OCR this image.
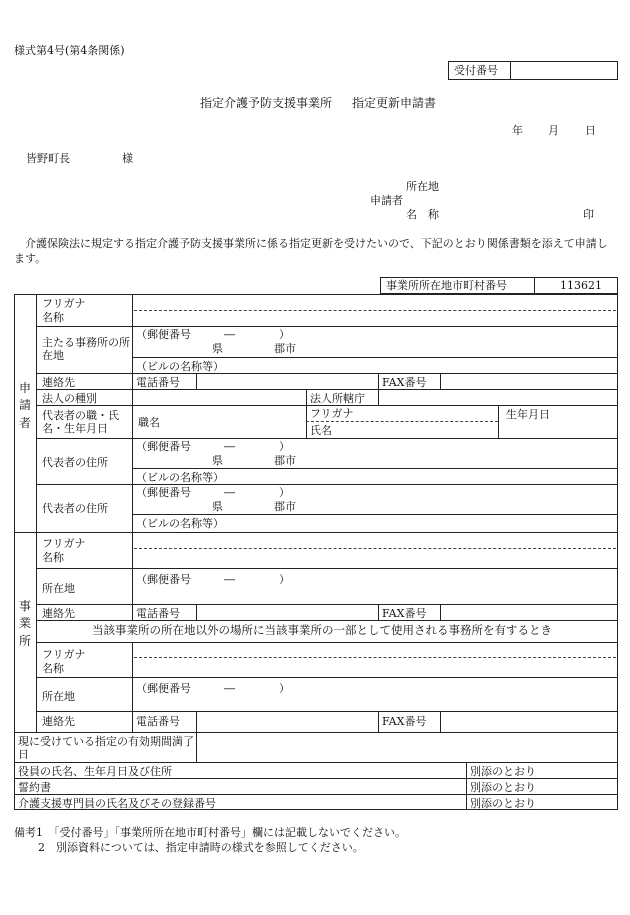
様式第4号(第4条関係)
受付番号
指定介護予防支援事業所 指定更新申請書
年 月 日
皆野町長	様
所在地
申請者
名　称	印
介護保険法に規定する指定介護予防支援事業所に係る指定更新を受けたいので、下記のとおり関係書類を添えて申請します。
事業所所在地市町村番号	113621
申請者
フリガナ
名称
主たる事務所の所在地
（郵便番号　　　―　　　　）
県	郡市
（ビルの名称等）
連絡先	電話番号	FAX番号
法人の種別	法人所轄庁
代表者の職・氏名・生年月日	職名
フリガナ
氏名
生年月日
代表者の住所
（郵便番号　　　―　　　　）
県	郡市
（ビルの名称等）
代表者の住所
（郵便番号　　　―　　　　）
県	郡市
（ビルの名称等）
事業所
フリガナ
名称
所在地
（郵便番号　　　―　　　　）
連絡先	電話番号	FAX番号
当該事業所の所在地以外の場所に当該事業所の一部として使用される事務所を有するとき
フリガナ
名称
所在地
（郵便番号　　　―　　　　）
連絡先	電話番号	FAX番号
現に受けている指定の有効期間満了日
役員の氏名、生年月日及び住所	別添のとおり
誓約書	別添のとおり
介護支援専門員の氏名及びその登録番号	別添のとおり
備考1　「受付番号」「事業所所在地市町村番号」欄には記載しないでください。
2　別添資料については、指定申請時の様式を参照してください。
